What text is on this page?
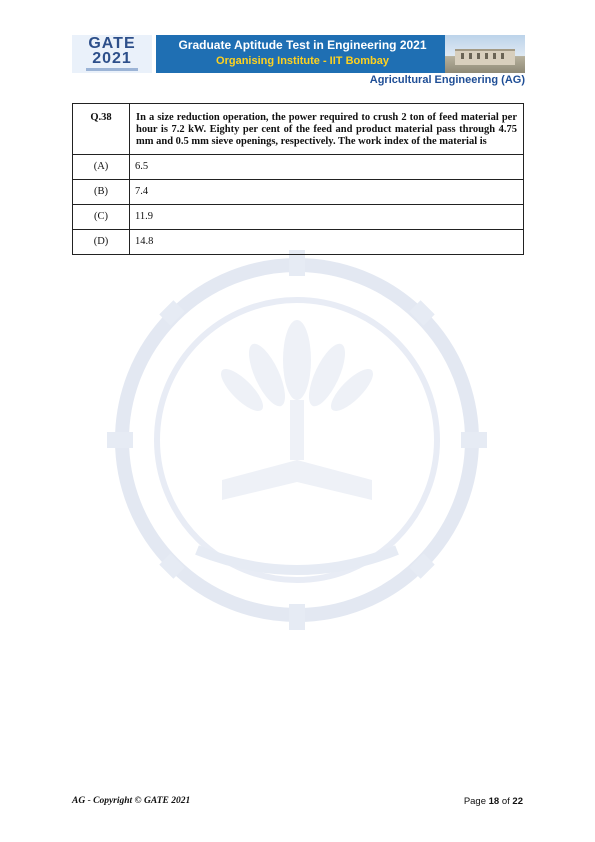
GATE
2021
Graduate Aptitude Test in Engineering 2021
Organising Institute - IIT Bombay
Agricultural Engineering (AG)
Q.38	In a size reduction operation, the power required to crush 2 ton of feed material per hour is 7.2 kW. Eighty per cent of the feed and product material pass through 4.75 mm and 0.5 mm sieve openings, respectively. The work index of the material is
(A)	6.5
(B)	7.4
(C)	11.9
(D)	14.8
AG - Copyright © GATE 2021	Page 18 of 22
